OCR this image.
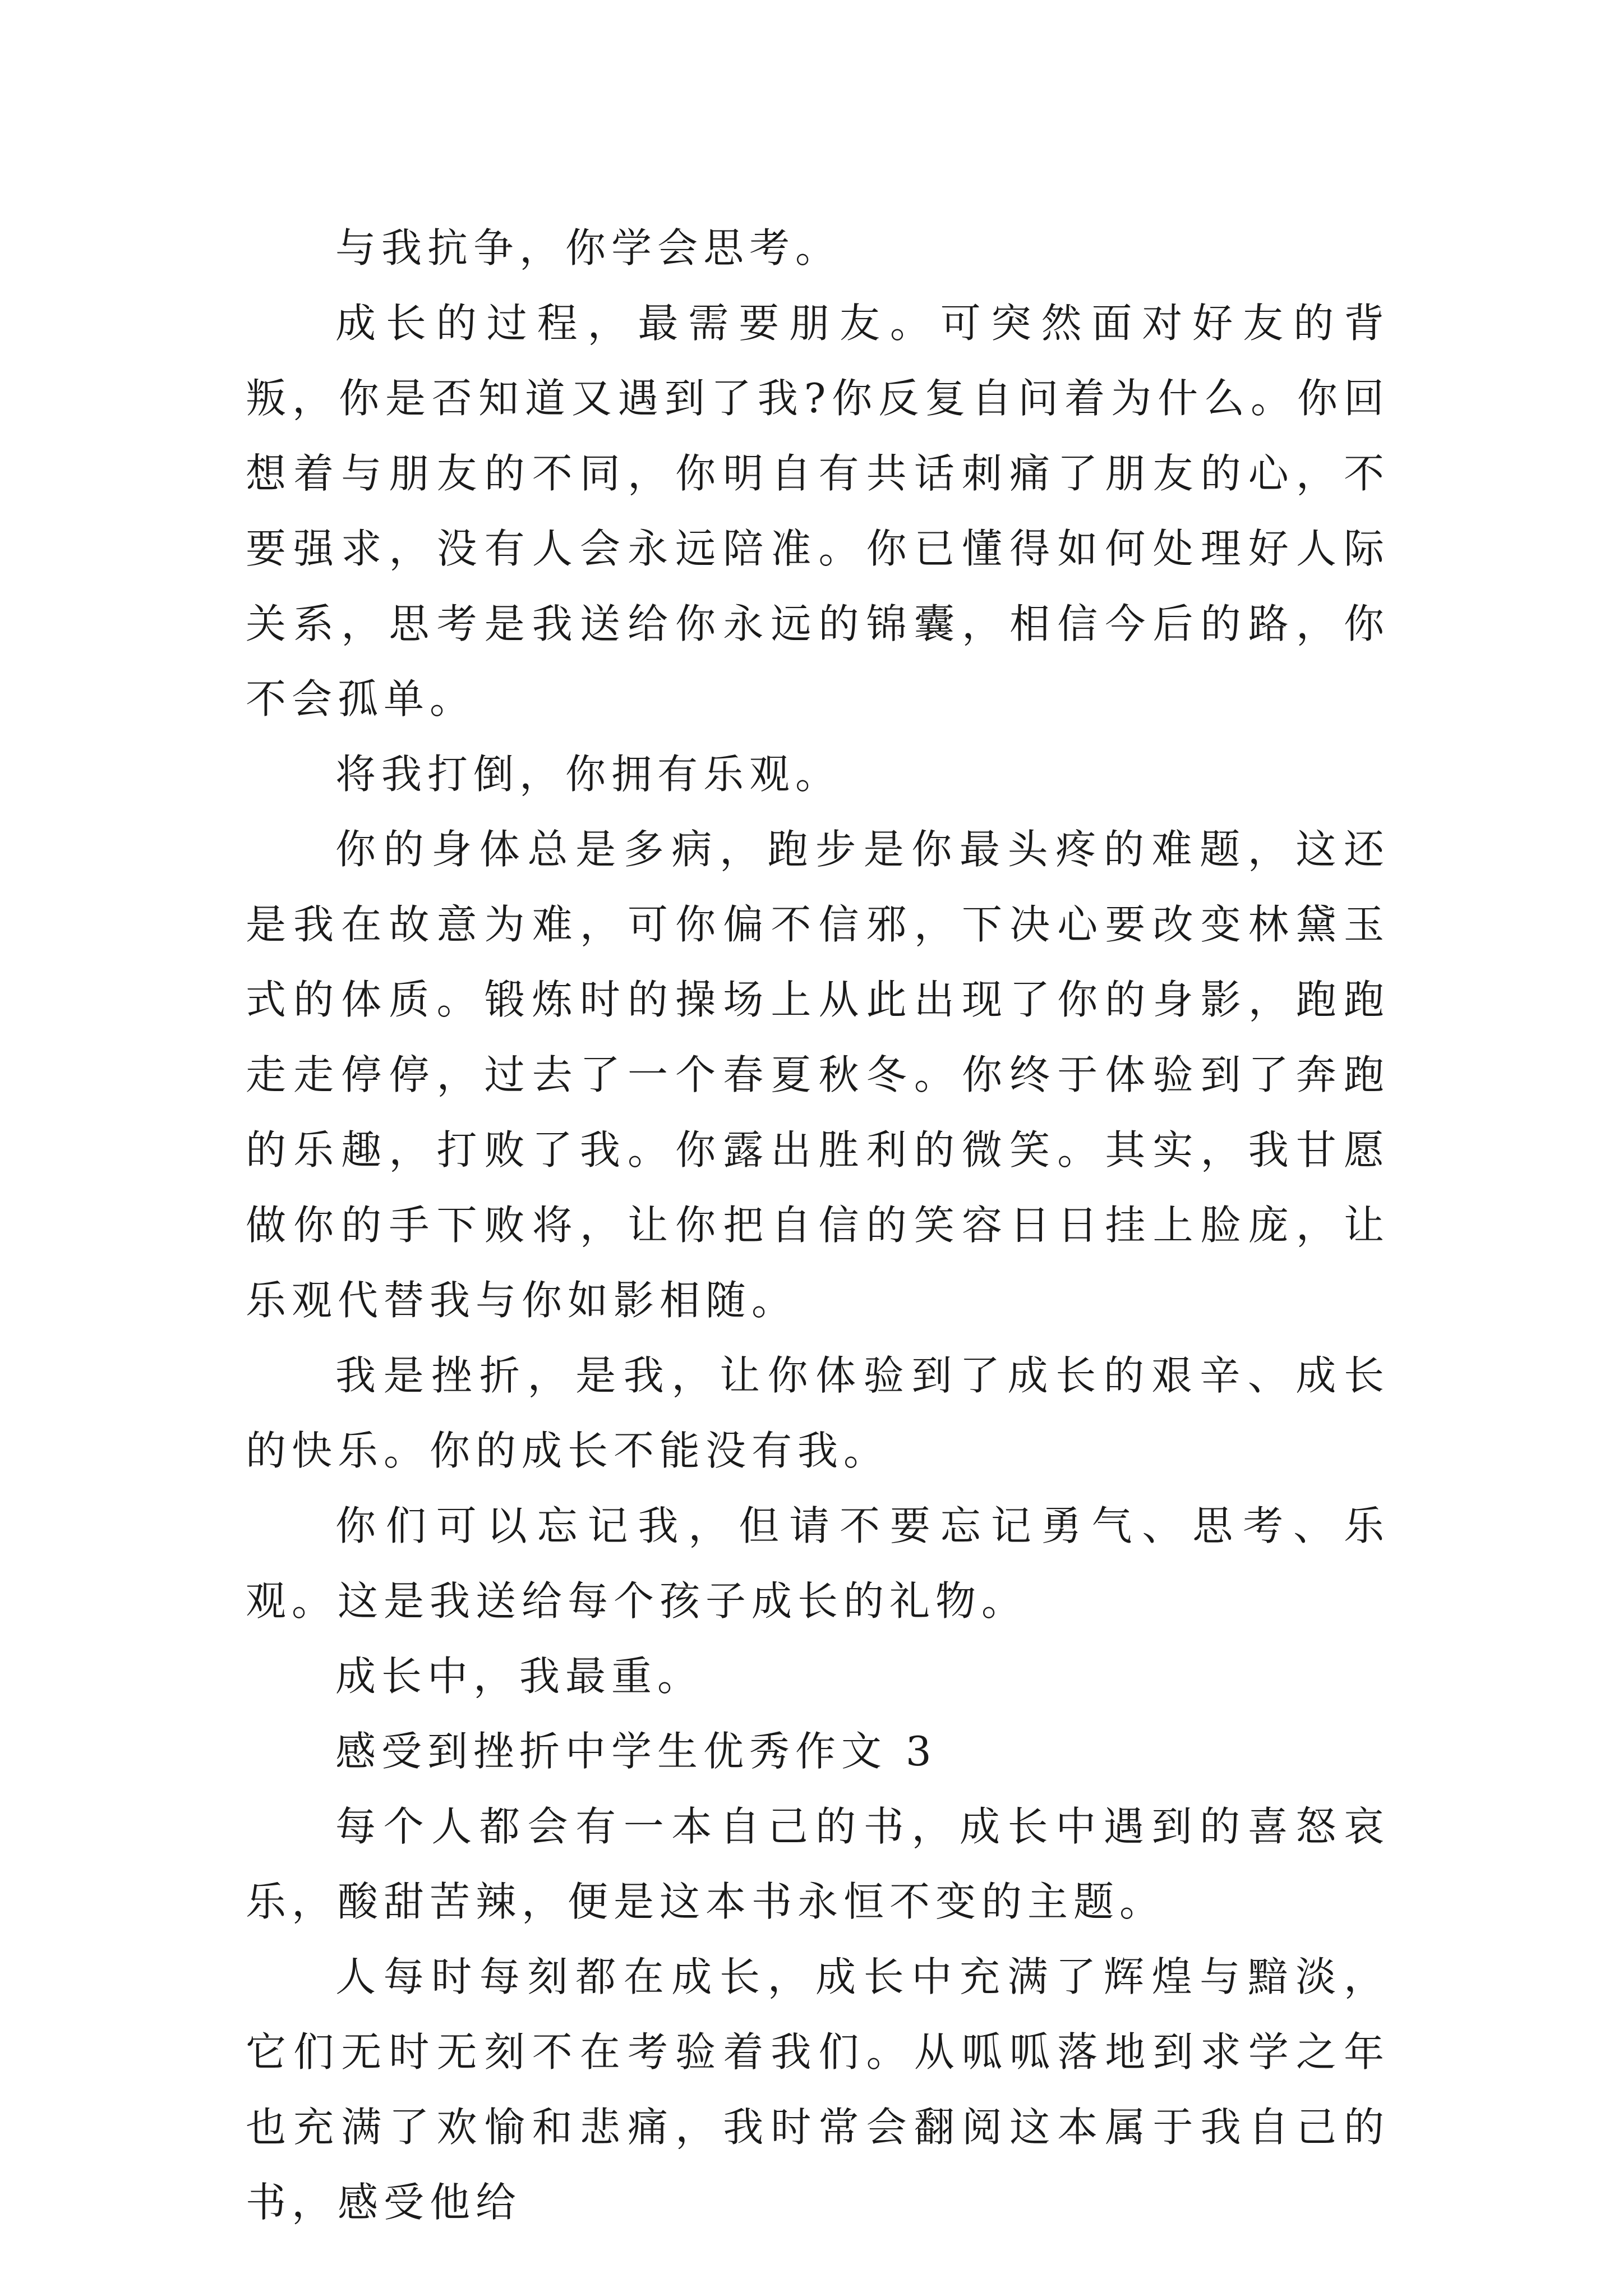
与我抗争，你学会思考。

成长的过程，最需要朋友。可突然面对好友的背叛，你是否知道又遇到了我?你反复自问着为什么。你回想着与朋友的不同，你明自有共话刺痛了朋友的心，不要强求，没有人会永远陪准。你已懂得如何处理好人际关系，思考是我送给你永远的锦囊，相信今后的路，你不会孤单。

将我打倒，你拥有乐观。

你的身体总是多病，跑步是你最头疼的难题，这还是我在故意为难，可你偏不信邪，下决心要改变林黛玉式的体质。锻炼时的操场上从此出现了你的身影，跑跑走走停停，过去了一个春夏秋冬。你终于体验到了奔跑的乐趣，打败了我。你露出胜利的微笑。其实，我甘愿做你的手下败将，让你把自信的笑容日日挂上脸庞，让乐观代替我与你如影相随。

我是挫折，是我，让你体验到了成长的艰辛、成长的快乐。你的成长不能没有我。

你们可以忘记我，但请不要忘记勇气、思考、乐观。这是我送给每个孩子成长的礼物。

成长中，我最重。

感受到挫折中学生优秀作文 3

每个人都会有一本自己的书，成长中遇到的喜怒哀乐，酸甜苦辣，便是这本书永恒不变的主题。

人每时每刻都在成长，成长中充满了辉煌与黯淡，它们无时无刻不在考验着我们。从呱呱落地到求学之年也充满了欢愉和悲痛，我时常会翻阅这本属于我自己的书，感受他给
